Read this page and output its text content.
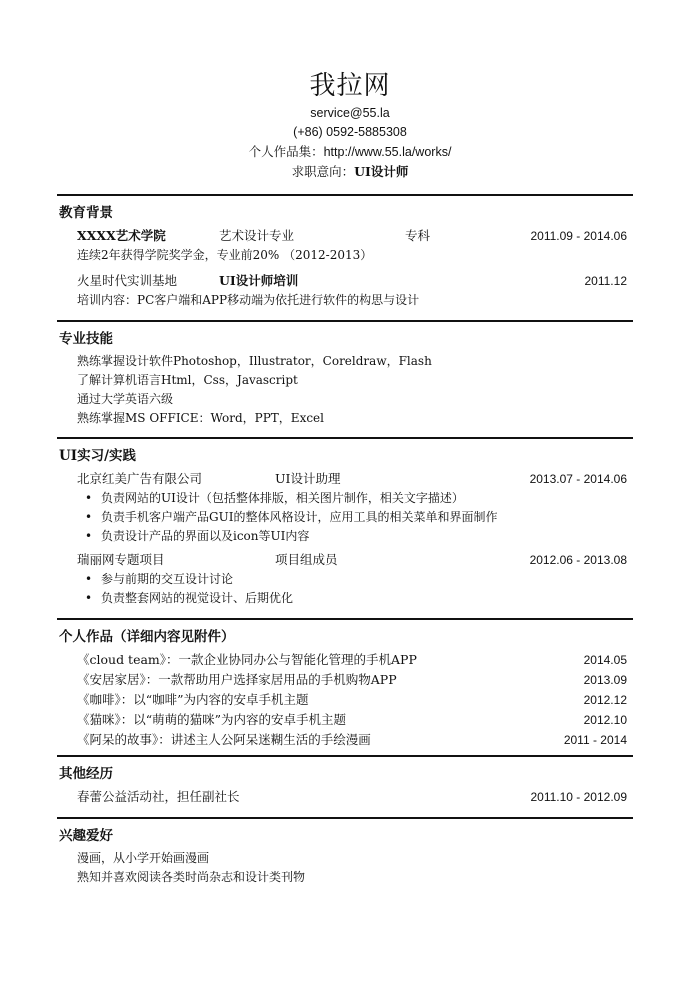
我拉网
service@55.la
(+86) 0592-5885308
个人作品集：http://www.55.la/works/
求职意向：UI设计师
教育背景
XXXX艺术学院	艺术设计专业	专科	2011.09 - 2014.06
连续2年获得学院奖学金，专业前20% （2012-2013）
火星时代实训基地	UI设计师培训	2011.12
培训内容：PC客户端和APP移动端为依托进行软件的构思与设计
专业技能
熟练掌握设计软件Photoshop，Illustrator，Coreldraw，Flash
了解计算机语言Html，Css，Javascript
通过大学英语六级
熟练掌握MS OFFICE：Word，PPT，Excel
UI实习/实践
北京红美广告有限公司	UI设计助理	2013.07 - 2014.06
• 负责网站的UI设计（包括整体排版，相关图片制作，相关文字描述）
• 负责手机客户端产品GUI的整体风格设计，应用工具的相关菜单和界面制作
• 负责设计产品的界面以及icon等UI内容
瑞丽网专题项目	项目组成员	2012.06 - 2013.08
• 参与前期的交互设计讨论
• 负责整套网站的视觉设计、后期优化
个人作品（详细内容见附件）
《cloud team》：一款企业协同办公与智能化管理的手机APP	2014.05
《安居家居》：一款帮助用户选择家居用品的手机购物APP	2013.09
《咖啡》：以“咖啡”为内容的安卓手机主题	2012.12
《猫咪》：以“萌萌的猫咪”为内容的安卓手机主题	2012.10
《阿呆的故事》：讲述主人公阿呆迷糊生活的手绘漫画	2011 - 2014
其他经历
春蕾公益活动社，担任副社长	2011.10 - 2012.09
兴趣爱好
漫画，从小学开始画漫画
熟知并喜欢阅读各类时尚杂志和设计类刊物
